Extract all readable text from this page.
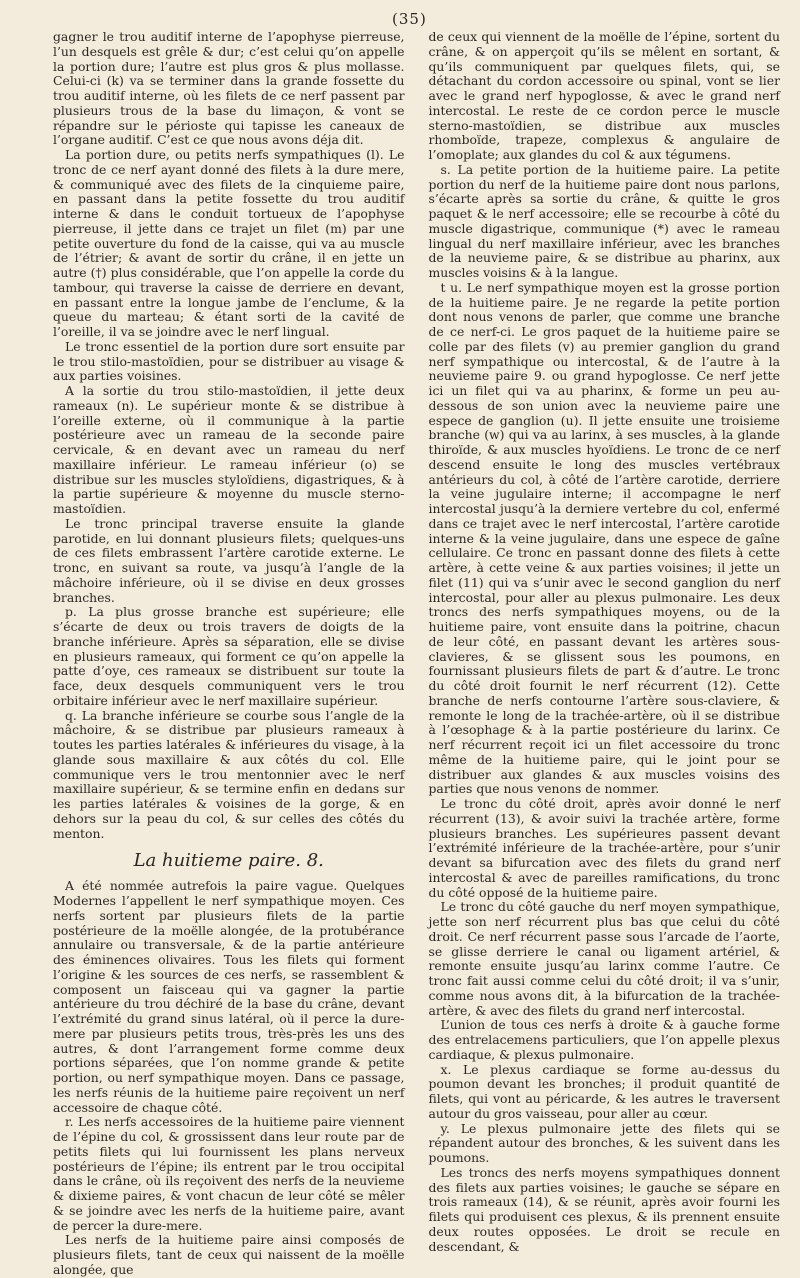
(35)

gagner le trou auditif interne de l’apophyse pierreuse, l’un desquels est grêle & dur; c’est celui qu’on appelle la portion dure; l’autre est plus gros & plus mollasse. Celui-ci (k) va se terminer dans la grande fossette du trou auditif interne, où les filets de ce nerf passent par plusieurs trous de la base du limaçon, & vont se répandre sur le périoste qui tapisse les caneaux de l’organe auditif. C’est ce que nous avons déja dit.

La portion dure, ou petits nerfs sympathiques (l). Le tronc de ce nerf ayant donné des filets à la dure mere, & communiqué avec des filets de la cinquieme paire, en passant dans la petite fossette du trou auditif interne & dans le conduit tortueux de l’apophyse pierreuse, il jette dans ce trajet un filet (m) par une petite ouverture du fond de la caisse, qui va au muscle de l’étrier; & avant de sortir du crâne, il en jette un autre (†) plus considérable, que l’on appelle la corde du tambour, qui traverse la caisse de derriere en devant, en passant entre la longue jambe de l’enclume, & la queue du marteau; & étant sorti de la cavité de l’oreille, il va se joindre avec le nerf lingual.

Le tronc essentiel de la portion dure sort ensuite par le trou stilo-mastoïdien, pour se distribuer au visage & aux parties voisines.

A la sortie du trou stilo-mastoïdien, il jette deux rameaux (n). Le supérieur monte & se distribue à l’oreille externe, où il communique à la partie postérieure avec un rameau de la seconde paire cervicale, & en devant avec un rameau du nerf maxillaire inférieur. Le rameau inférieur (o) se distribue sur les muscles styloïdiens, digastriques, & à la partie supérieure & moyenne du muscle sterno-mastoïdien.

Le tronc principal traverse ensuite la glande parotide, en lui donnant plusieurs filets; quelques-uns de ces filets embrassent l’artère carotide externe. Le tronc, en suivant sa route, va jusqu’à l’angle de la mâchoire inférieure, où il se divise en deux grosses branches.

p. La plus grosse branche est supérieure; elle s’écarte de deux ou trois travers de doigts de la branche inférieure. Après sa séparation, elle se divise en plusieurs rameaux, qui forment ce qu’on appelle la patte d’oye, ces rameaux se distribuent sur toute la face, deux desquels communiquent vers le trou orbitaire inférieur avec le nerf maxillaire supérieur.

q. La branche inférieure se courbe sous l’angle de la mâchoire, & se distribue par plusieurs rameaux à toutes les parties latérales & inférieures du visage, à la glande sous maxillaire & aux côtés du col. Elle communique vers le trou mentonnier avec le nerf maxillaire supérieur, & se termine enfin en dedans sur les parties latérales & voisines de la gorge, & en dehors sur la peau du col, & sur celles des côtés du menton.

La huitieme paire. 8.

A été nommée autrefois la paire vague. Quelques Modernes l’appellent le nerf sympathique moyen. Ces nerfs sortent par plusieurs filets de la partie postérieure de la moëlle alongée, de la protubérance annulaire ou transversale, & de la partie antérieure des éminences olivaires. Tous les filets qui forment l’origine & les sources de ces nerfs, se rassemblent & composent un faisceau qui va gagner la partie antérieure du trou déchiré de la base du crâne, devant l’extrémité du grand sinus latéral, où il perce la dure-mere par plusieurs petits trous, très-près les uns des autres, & dont l’arrangement forme comme deux portions séparées, que l’on nomme grande & petite portion, ou nerf sympathique moyen. Dans ce passage, les nerfs réunis de la huitieme paire reçoivent un nerf accessoire de chaque côté.

r. Les nerfs accessoires de la huitieme paire viennent de l’épine du col, & grossissent dans leur route par de petits filets qui lui fournissent les plans nerveux postérieurs de l’épine; ils entrent par le trou occipital dans le crâne, où ils reçoivent des nerfs de la neuvieme & dixieme paires, & vont chacun de leur côté se mêler & se joindre avec les nerfs de la huitieme paire, avant de percer la dure-mere.

Les nerfs de la huitieme paire ainsi composés de plusieurs filets, tant de ceux qui naissent de la moëlle alongée, que

de ceux qui viennent de la moëlle de l’épine, sortent du crâne, & on apperçoit qu’ils se mêlent en sortant, & qu’ils communiquent par quelques filets, qui, se détachant du cordon accessoire ou spinal, vont se lier avec le grand nerf hypoglosse, & avec le grand nerf intercostal. Le reste de ce cordon perce le muscle sterno-mastoïdien, se distribue aux muscles rhomboïde, trapeze, complexus & angulaire de l’omoplate; aux glandes du col & aux tégumens.

s. La petite portion de la huitieme paire. La petite portion du nerf de la huitieme paire dont nous parlons, s’écarte après sa sortie du crâne, & quitte le gros paquet & le nerf accessoire; elle se recourbe à côté du muscle digastrique, communique (*) avec le rameau lingual du nerf maxillaire inférieur, avec les branches de la neuvieme paire, & se distribue au pharinx, aux muscles voisins & à la langue.

t u. Le nerf sympathique moyen est la grosse portion de la huitieme paire. Je ne regarde la petite portion dont nous venons de parler, que comme une branche de ce nerf-ci. Le gros paquet de la huitieme paire se colle par des filets (v) au premier ganglion du grand nerf sympathique ou intercostal, & de l’autre à la neuvieme paire 9. ou grand hypoglosse. Ce nerf jette ici un filet qui va au pharinx, & forme un peu au-dessous de son union avec la neuvieme paire une espece de ganglion (u). Il jette ensuite une troisieme branche (w) qui va au larinx, à ses muscles, à la glande thiroïde, & aux muscles hyoïdiens. Le tronc de ce nerf descend ensuite le long des muscles vertébraux antérieurs du col, à côté de l’artère carotide, derriere la veine jugulaire interne; il accompagne le nerf intercostal jusqu’à la derniere vertebre du col, enfermé dans ce trajet avec le nerf intercostal, l’artère carotide interne & la veine jugulaire, dans une espece de gaîne cellulaire. Ce tronc en passant donne des filets à cette artère, à cette veine & aux parties voisines; il jette un filet (11) qui va s’unir avec le second ganglion du nerf intercostal, pour aller au plexus pulmonaire. Les deux troncs des nerfs sympathiques moyens, ou de la huitieme paire, vont ensuite dans la poitrine, chacun de leur côté, en passant devant les artères sous-clavieres, & se glissent sous les poumons, en fournissant plusieurs filets de part & d’autre. Le tronc du côté droit fournit le nerf récurrent (12). Cette branche de nerfs contourne l’artère sous-claviere, & remonte le long de la trachée-artère, où il se distribue à l’œsophage & à la partie postérieure du larinx. Ce nerf récurrent reçoit ici un filet accessoire du tronc même de la huitieme paire, qui le joint pour se distribuer aux glandes & aux muscles voisins des parties que nous venons de nommer.

Le tronc du côté droit, après avoir donné le nerf récurrent (13), & avoir suivi la trachée artère, forme plusieurs branches. Les supérieures passent devant l’extrémité inférieure de la trachée-artère, pour s’unir devant sa bifurcation avec des filets du grand nerf intercostal & avec de pareilles ramifications, du tronc du côté opposé de la huitieme paire.

Le tronc du côté gauche du nerf moyen sympathique, jette son nerf récurrent plus bas que celui du côté droit. Ce nerf récurrent passe sous l’arcade de l’aorte, se glisse derriere le canal ou ligament artériel, & remonte ensuite jusqu’au larinx comme l’autre. Ce tronc fait aussi comme celui du côté droit; il va s’unir, comme nous avons dit, à la bifurcation de la trachée-artère, & avec des filets du grand nerf intercostal.

L’union de tous ces nerfs à droite & à gauche forme des entrelacemens particuliers, que l’on appelle plexus cardiaque, & plexus pulmonaire.

x. Le plexus cardiaque se forme au-dessus du poumon devant les bronches; il produit quantité de filets, qui vont au péricarde, & les autres le traversent autour du gros vaisseau, pour aller au cœur.

y. Le plexus pulmonaire jette des filets qui se répandent autour des bronches, & les suivent dans les poumons.

Les troncs des nerfs moyens sympathiques donnent des filets aux parties voisines; le gauche se sépare en trois rameaux (14), & se réunit, après avoir fourni les filets qui produisent ces plexus, & ils prennent ensuite deux routes opposées. Le droit se recule en descendant, &
